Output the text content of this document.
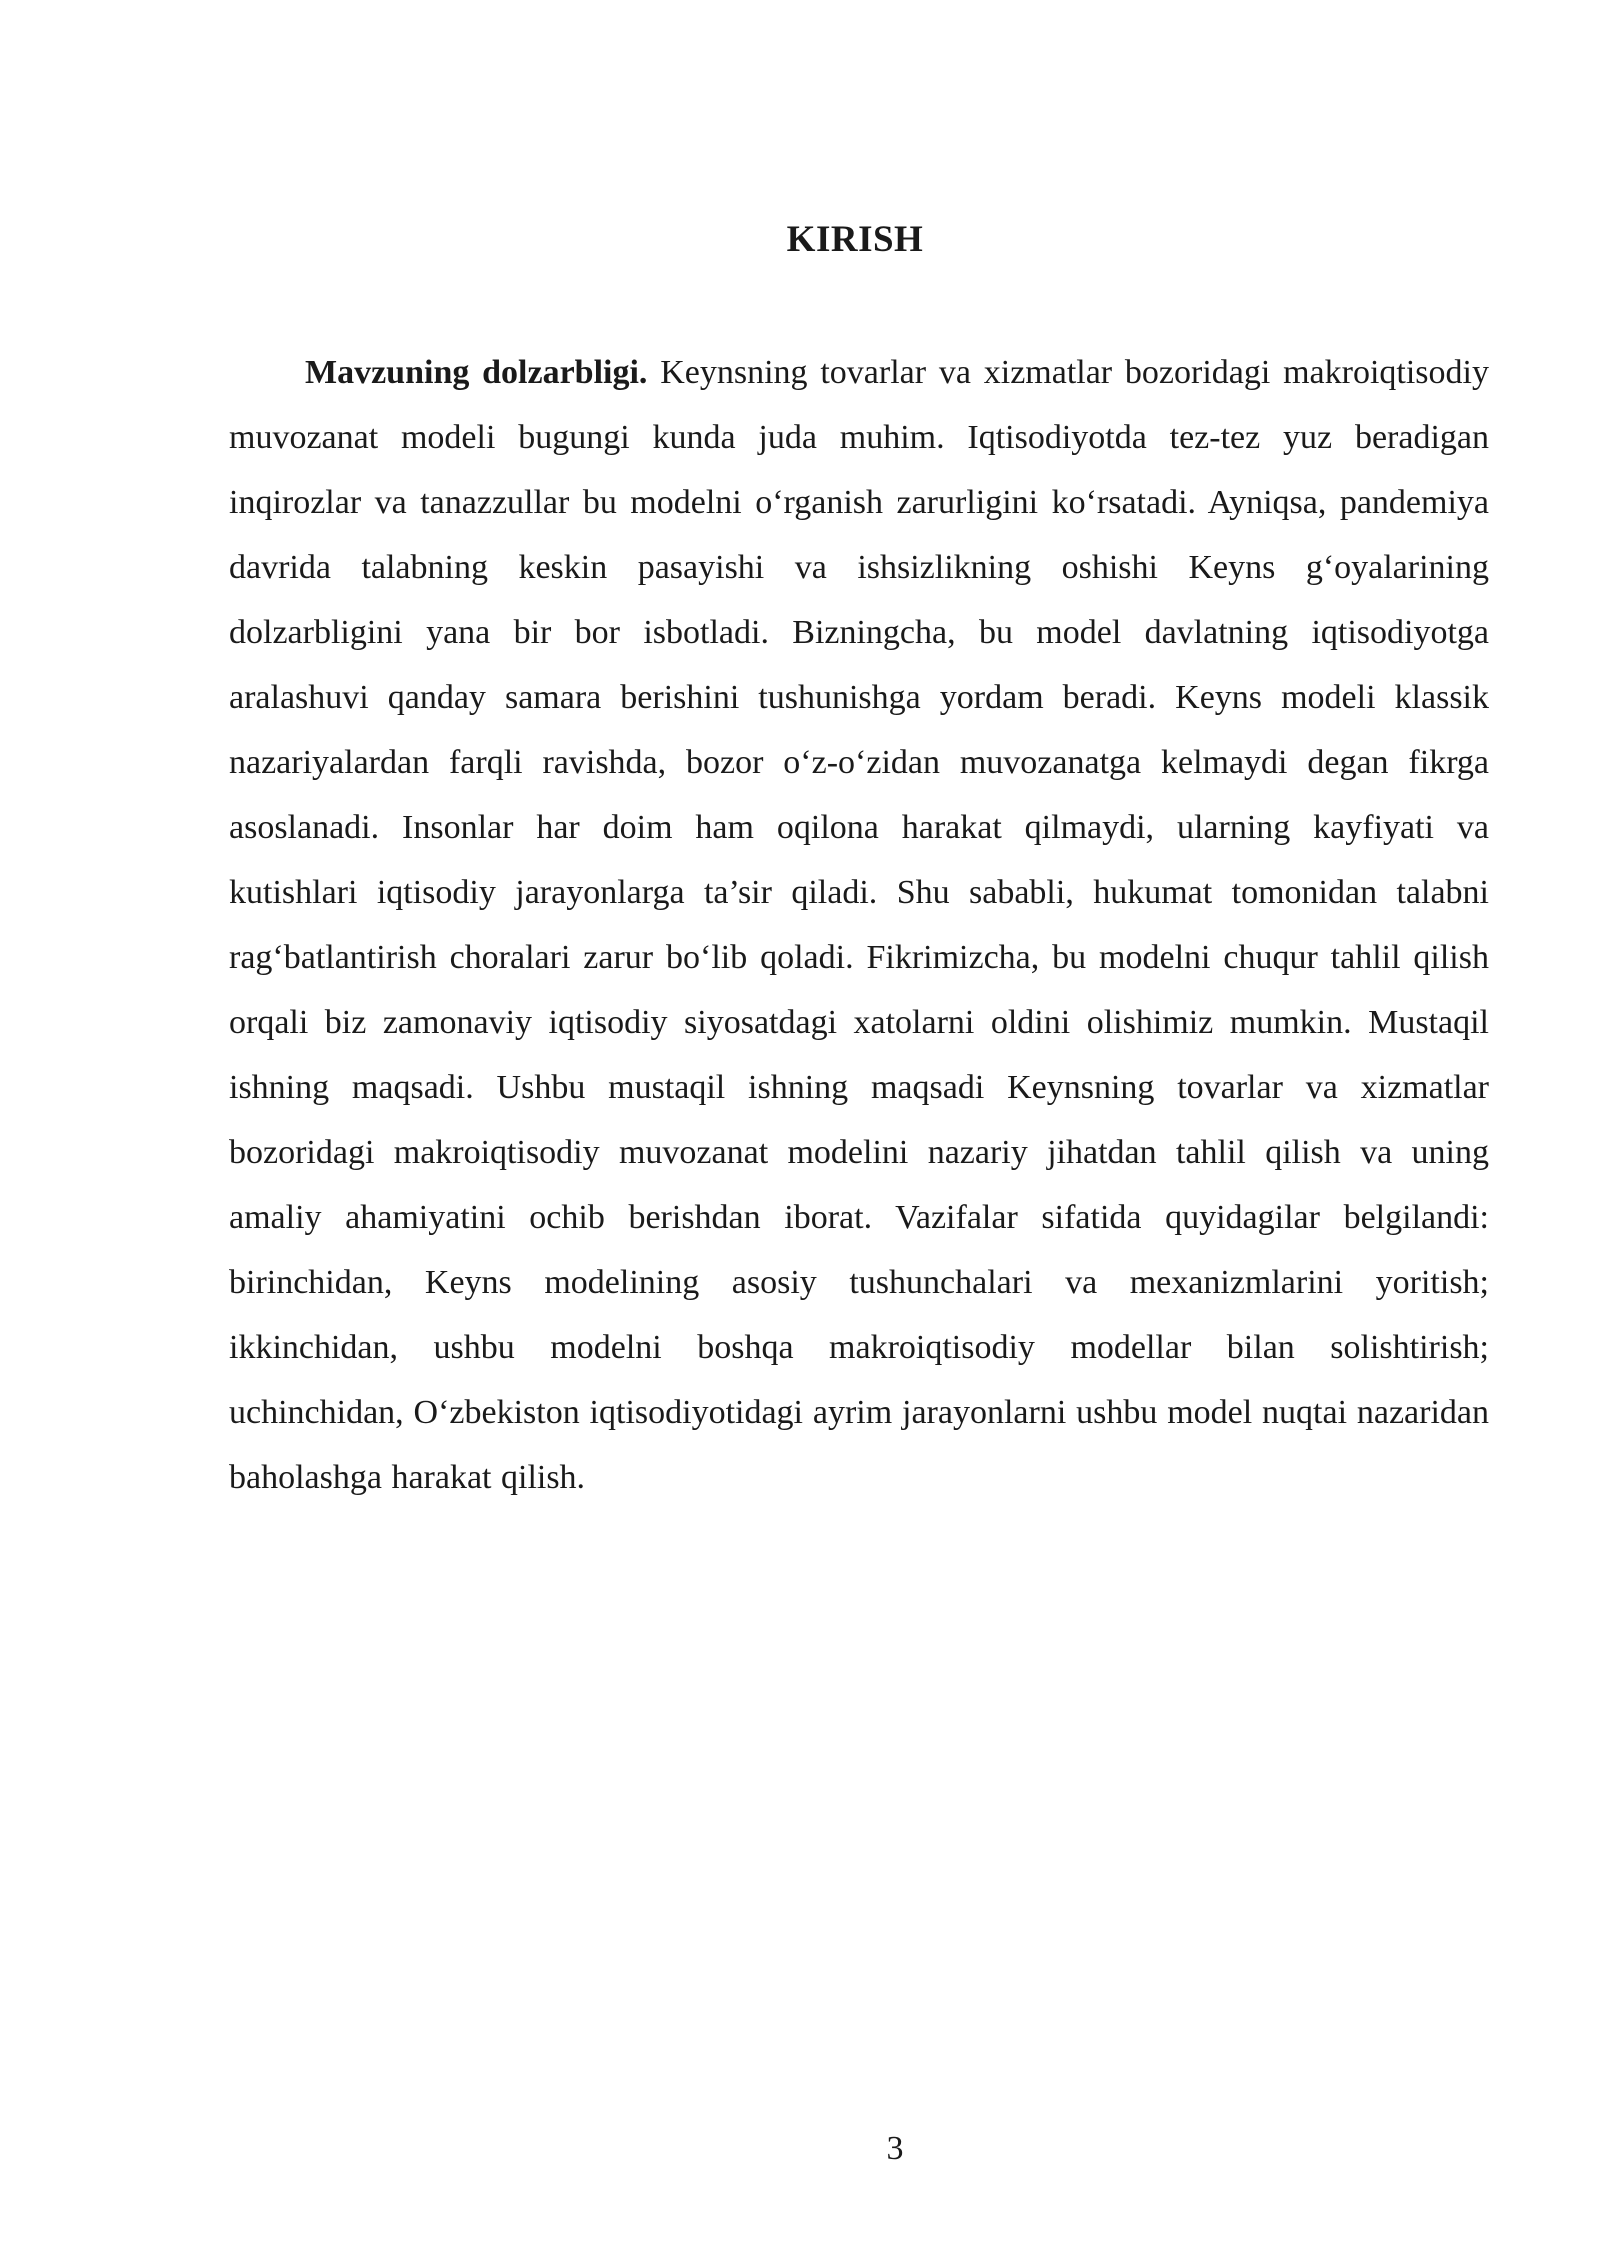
KIRISH

Mavzuning dolzarbligi. Keynsning tovarlar va xizmatlar bozoridagi makroiqtisodiy muvozanat modeli bugungi kunda juda muhim. Iqtisodiyotda tez-tez yuz beradigan inqirozlar va tanazzullar bu modelni o‘rganish zarurligini ko‘rsatadi. Ayniqsa, pandemiya davrida talabning keskin pasayishi va ishsizlikning oshishi Keyns g‘oyalarining dolzarbligini yana bir bor isbotladi. Bizningcha, bu model davlatning iqtisodiyotga aralashuvi qanday samara berishini tushunishga yordam beradi. Keyns modeli klassik nazariyalardan farqli ravishda, bozor o‘z-o‘zidan muvozanatga kelmaydi degan fikrga asoslanadi. Insonlar har doim ham oqilona harakat qilmaydi, ularning kayfiyati va kutishlari iqtisodiy jarayonlarga ta’sir qiladi. Shu sababli, hukumat tomonidan talabni rag‘batlantirish choralari zarur bo‘lib qoladi. Fikrimizcha, bu modelni chuqur tahlil qilish orqali biz zamonaviy iqtisodiy siyosatdagi xatolarni oldini olishimiz mumkin. Mustaqil ishning maqsadi. Ushbu mustaqil ishning maqsadi Keynsning tovarlar va xizmatlar bozoridagi makroiqtisodiy muvozanat modelini nazariy jihatdan tahlil qilish va uning amaliy ahamiyatini ochib berishdan iborat. Vazifalar sifatida quyidagilar belgilandi: birinchidan, Keyns modelining asosiy tushunchalari va mexanizmlarini yoritish; ikkinchidan, ushbu modelni boshqa makroiqtisodiy modellar bilan solishtirish; uchinchidan, O‘zbekiston iqtisodiyotidagi ayrim jarayonlarni ushbu model nuqtai nazaridan baholashga harakat qilish.

3
